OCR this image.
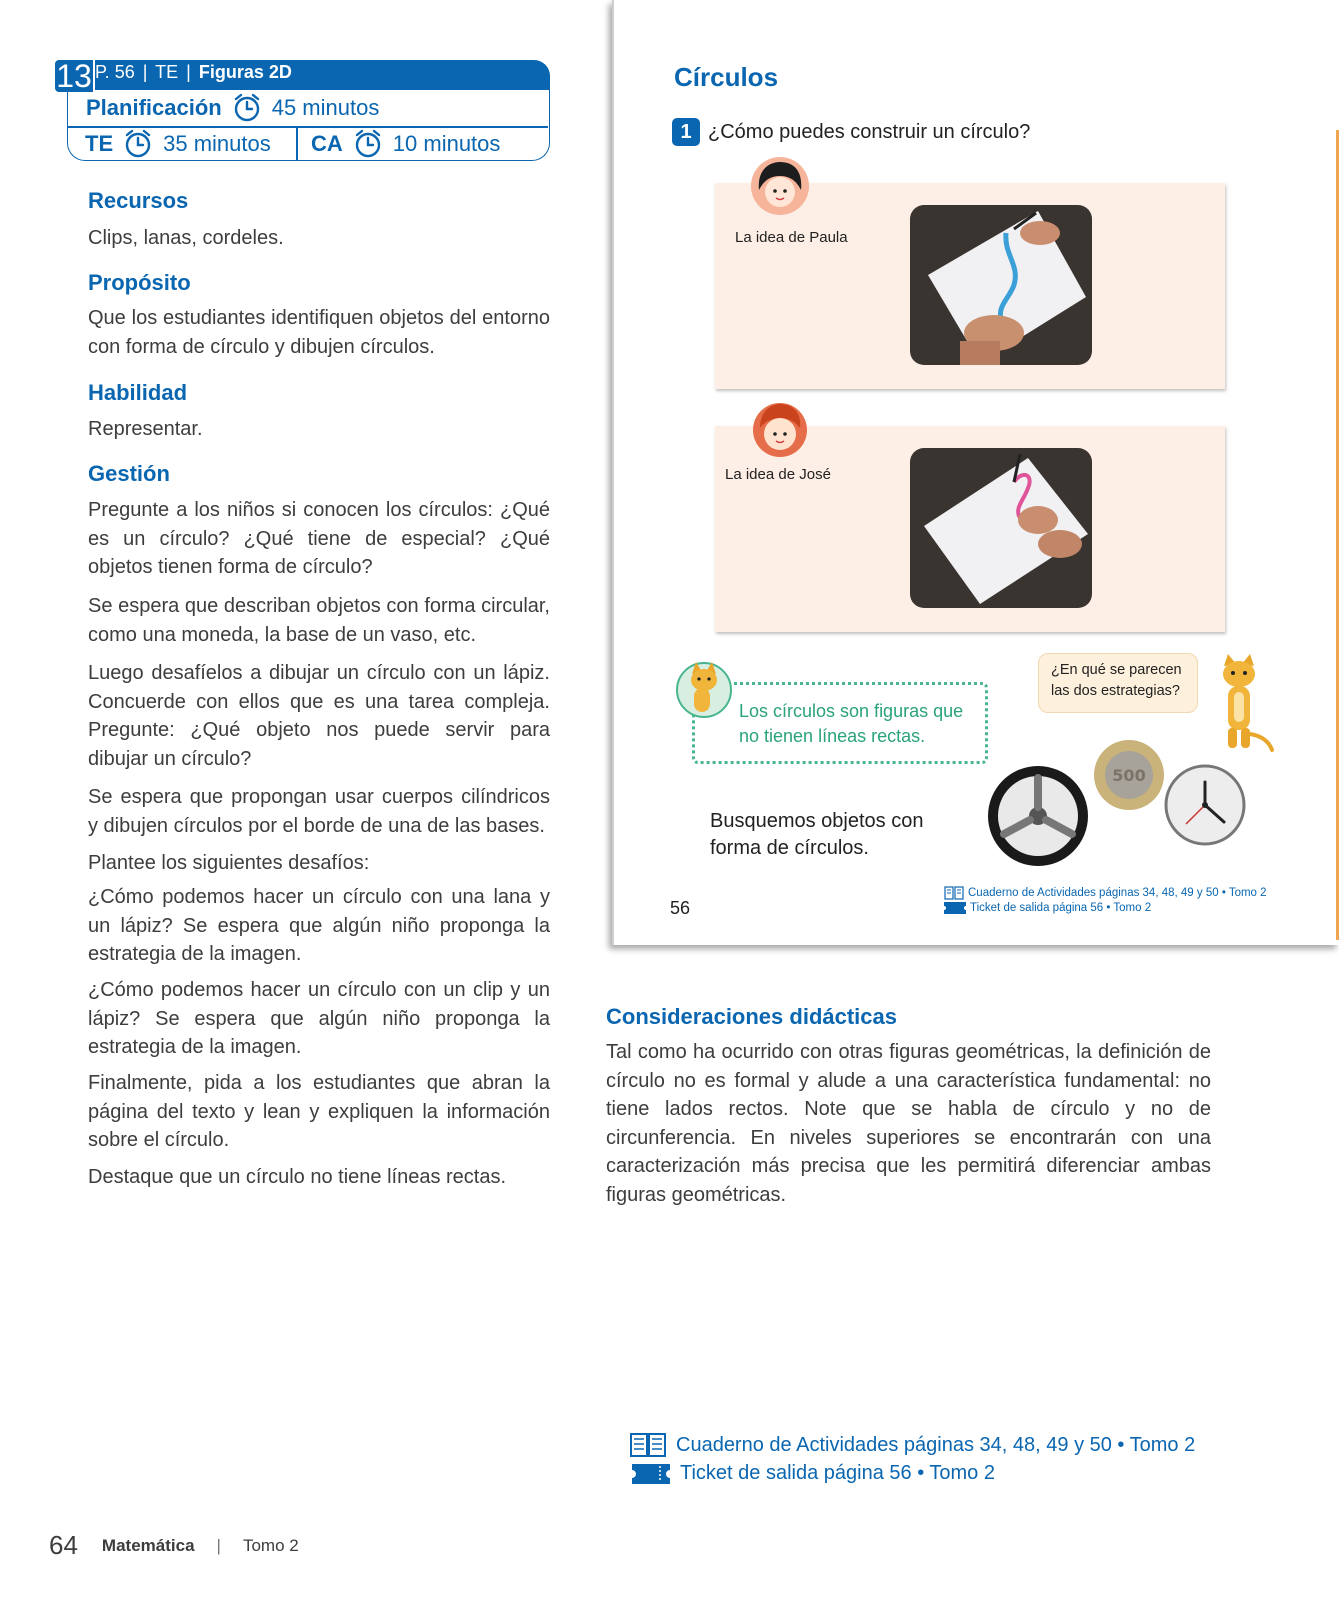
13 P. 56 | TE | Figuras 2D
Planificación 45 minutos
TE 35 minutos CA 10 minutos
Recursos
Clips, lanas, cordeles.
Propósito
Que los estudiantes identifiquen objetos del entorno con forma de círculo y dibujen círculos.
Habilidad
Representar.
Gestión
Pregunte a los niños si conocen los círculos: ¿Qué es un círculo? ¿Qué tiene de especial? ¿Qué objetos tienen forma de círculo?
Se espera que describan objetos con forma circular, como una moneda, la base de un vaso, etc.
Luego desafíelos a dibujar un círculo con un lápiz. Concuerde con ellos que es una tarea compleja. Pregunte: ¿Qué objeto nos puede servir para dibujar un círculo?
Se espera que propongan usar cuerpos cilíndricos y dibujen círculos por el borde de una de las bases.
Plantee los siguientes desafíos:
¿Cómo podemos hacer un círculo con una lana y un lápiz? Se espera que algún niño proponga la estrategia de la imagen.
¿Cómo podemos hacer un círculo con un clip y un lápiz? Se espera que algún niño proponga la estrategia de la imagen.
Finalmente, pida a los estudiantes que abran la página del texto y lean y expliquen la información sobre el círculo.
Destaque que un círculo no tiene líneas rectas.
Círculos
1 ¿Cómo puedes construir un círculo?
La idea de Paula
La idea de José
Los círculos son figuras que no tienen líneas rectas.
¿En qué se parecen las dos estrategias?
500
Busquemos objetos con
forma de círculos.
56
Cuaderno de Actividades páginas 34, 48, 49 y 50 • Tomo 2
Ticket de salida página 56 • Tomo 2
Consideraciones didácticas
Tal como ha ocurrido con otras figuras geométricas, la definición de círculo no es formal y alude a una característica fundamental: no tiene lados rectos. Note que se habla de círculo y no de circunferencia. En niveles superiores se encontrarán con una caracterización más precisa que les permitirá diferenciar ambas figuras geométricas.
Cuaderno de Actividades páginas 34, 48, 49 y 50 • Tomo 2
Ticket de salida página 56 • Tomo 2
64 Matemática | Tomo 2
